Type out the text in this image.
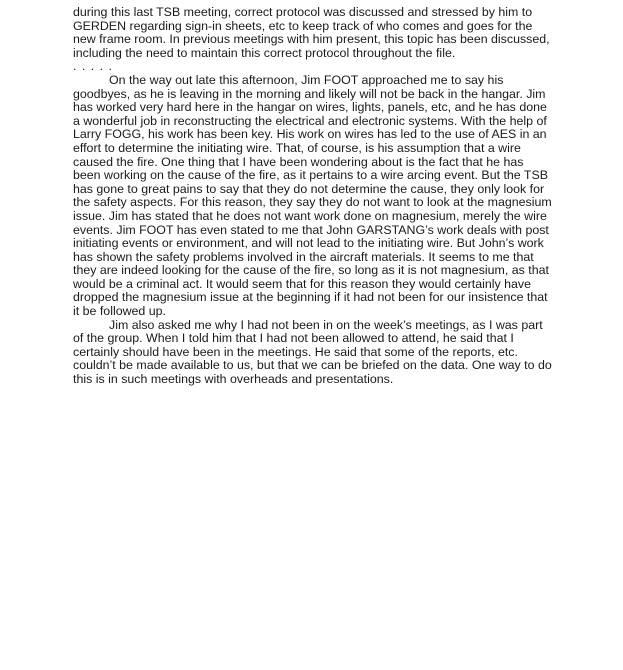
during this last TSB meeting, correct protocol was discussed and stressed by him to GERDEN regarding sign-in sheets, etc to keep track of who comes and goes for the new frame room. In previous meetings with him present, this topic has been discussed, including the need to maintain this correct protocol throughout the file.

. . . . .

On the way out late this afternoon, Jim FOOT approached me to say his goodbyes, as he is leaving in the morning and likely will not be back in the hangar. Jim has worked very hard here in the hangar on wires, lights, panels, etc, and he has done a wonderful job in reconstructing the electrical and electronic systems. With the help of Larry FOGG, his work has been key. His work on wires has led to the use of AES in an effort to determine the initiating wire. That, of course, is his assumption that a wire caused the fire. One thing that I have been wondering about is the fact that he has been working on the cause of the fire, as it pertains to a wire arcing event. But the TSB has gone to great pains to say that they do not determine the cause, they only look for the safety aspects. For this reason, they say they do not want to look at the magnesium issue. Jim has stated that he does not want work done on magnesium, merely the wire events. Jim FOOT has even stated to me that John GARSTANG’s work deals with post initiating events or environment, and will not lead to the initiating wire. But John’s work has shown the safety problems involved in the aircraft materials. It seems to me that they are indeed looking for the cause of the fire, so long as it is not magnesium, as that would be a criminal act. It would seem that for this reason they would certainly have dropped the magnesium issue at the beginning if it had not been for our insistence that it be followed up.

Jim also asked me why I had not been in on the week’s meetings, as I was part of the group. When I told him that I had not been allowed to attend, he said that I certainly should have been in the meetings. He said that some of the reports, etc. couldn’t be made available to us, but that we can be briefed on the data. One way to do this is in such meetings with overheads and presentations.
